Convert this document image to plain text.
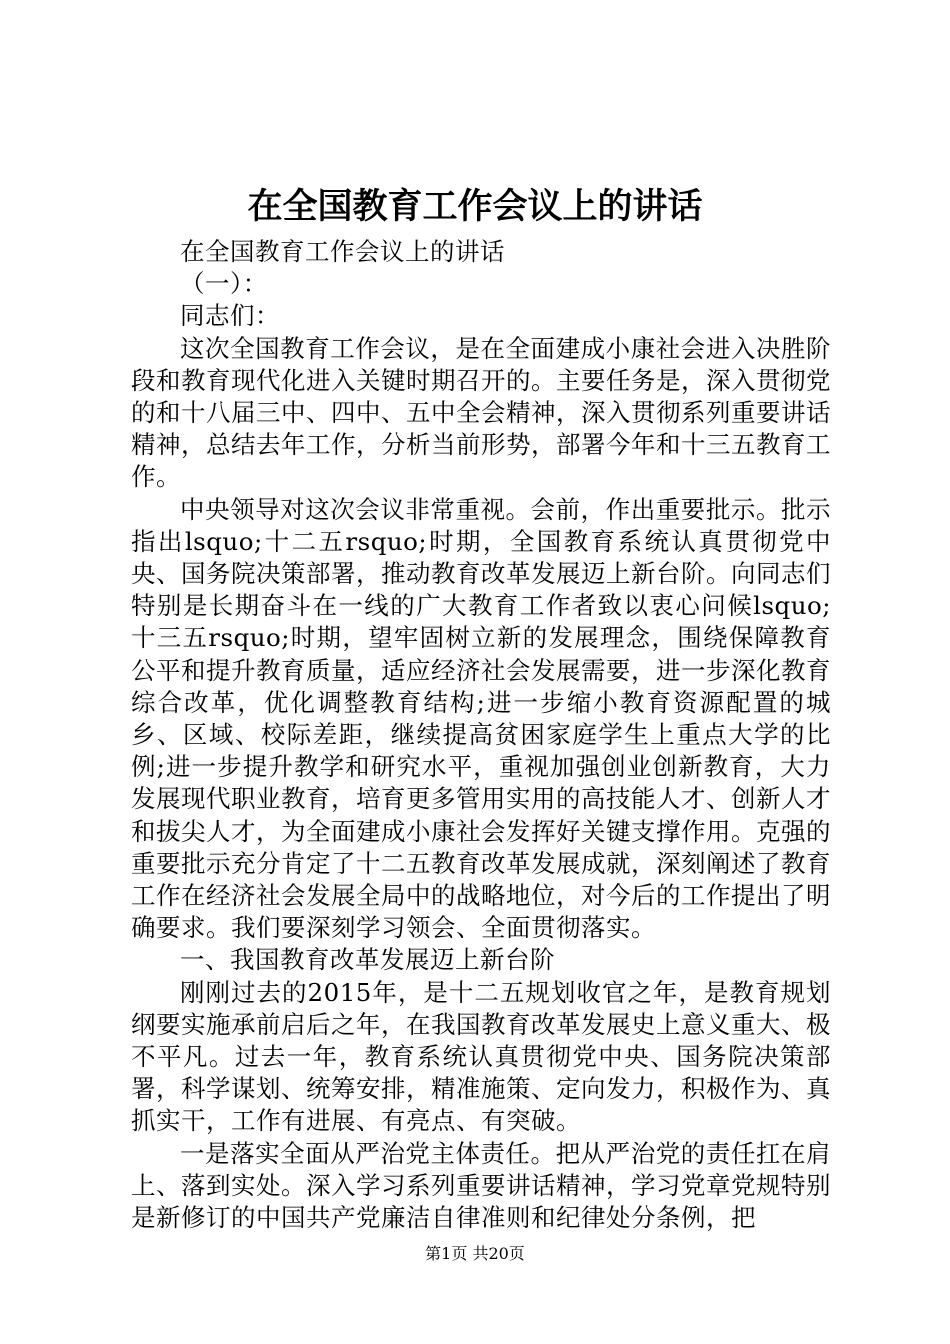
在全国教育工作会议上的讲话

在全国教育工作会议上的讲话

（一）：

同志们：

这次全国教育工作会议，是在全面建成小康社会进入决胜阶段和教育现代化进入关键时期召开的。主要任务是，深入贯彻党的和十八届三中、四中、五中全会精神，深入贯彻系列重要讲话精神，总结去年工作，分析当前形势，部署今年和十三五教育工作。

中央领导对这次会议非常重视。会前，作出重要批示。批示指出lsquo;十二五rsquo;时期，全国教育系统认真贯彻党中央、国务院决策部署，推动教育改革发展迈上新台阶。向同志们特别是长期奋斗在一线的广大教育工作者致以衷心问候lsquo;十三五rsquo;时期，望牢固树立新的发展理念，围绕保障教育公平和提升教育质量，适应经济社会发展需要，进一步深化教育综合改革，优化调整教育结构;进一步缩小教育资源配置的城乡、区域、校际差距，继续提高贫困家庭学生上重点大学的比例;进一步提升教学和研究水平，重视加强创业创新教育，大力发展现代职业教育，培育更多管用实用的高技能人才、创新人才和拔尖人才，为全面建成小康社会发挥好关键支撑作用。克强的重要批示充分肯定了十二五教育改革发展成就，深刻阐述了教育工作在经济社会发展全局中的战略地位，对今后的工作提出了明确要求。我们要深刻学习领会、全面贯彻落实。

一、我国教育改革发展迈上新台阶

刚刚过去的2015年，是十二五规划收官之年，是教育规划纲要实施承前启后之年，在我国教育改革发展史上意义重大、极不平凡。过去一年，教育系统认真贯彻党中央、国务院决策部署，科学谋划、统筹安排，精准施策、定向发力，积极作为、真抓实干，工作有进展、有亮点、有突破。

一是落实全面从严治党主体责任。把从严治党的责任扛在肩上、落到实处。深入学习系列重要讲话精神，学习党章党规特别是新修订的中国共产党廉洁自律准则和纪律处分条例，把

第1页 共20页
